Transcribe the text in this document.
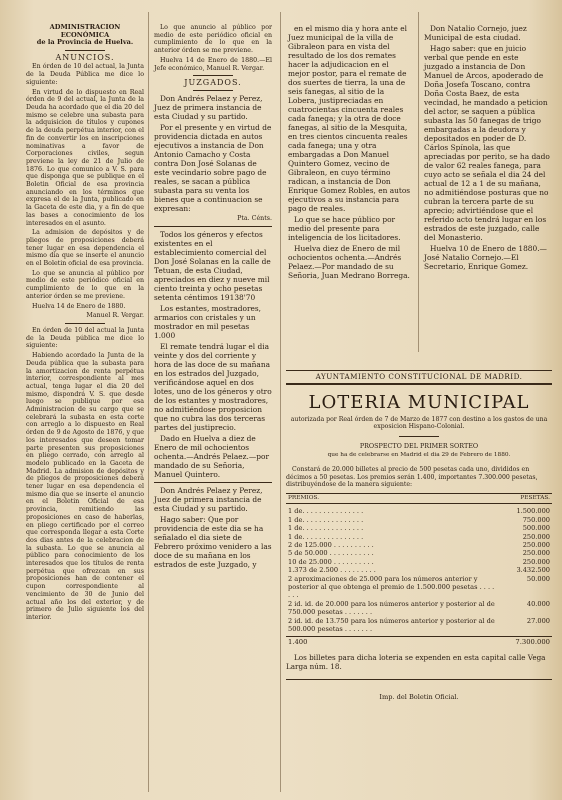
ADMINISTRACION ECONÓMICA
de la Provincia de Huelva.
ANUNCIOS.

En órden de 10 del actual, la Junta de la Deuda Pública me dice lo siguiente:

En virtud de lo dispuesto en Real órden de 9 del actual, la Junta de la Deuda ha acordado que el dia 20 del mismo se celebre una subasta para la adquisicion de títulos y cupones de la deuda perpétua interior, con el fin de convertir los en inscripciones nominativas a favor de Corporaciones civiles, segun previene la ley de 21 de Julio de 1876. Lo que comunico a V. S. para que disponga que se publique en el Boletin Oficial de esa provincia anunciando en los términos que expresa el de la Junta, publicado en la Gaceta de este dia, y a fin de que las bases a conocimiento de los interesados en el asunto.

La admision de depósitos y de pliegos de proposiciones deberá tener lugar en esa dependencia el mismo dia que se inserte el anuncio en el Boletin oficial de esa provincia.

Lo que se anuncia al público por medio de este periódico oficial en cumplimiento de lo que en la anterior órden se me previene.

Huelva 14 de Enero de 1880.

Manuel R. Vergar.

En órden de 10 del actual la Junta de la Deuda pública me dice lo siguiente:

Habiendo acordado la Junta de la Deuda pública que la subasta para la amortizacion de renta perpétua interior, correspondiente al mes actual, tenga lugar el dia 20 del mismo, dispondrá V. S. que desde luego se publique por esa Administracion de su cargo que se celebrará la subasta en esta corte con arreglo a lo dispuesto en Real órden de 9 de Agosto de 1876, y que los interesados que deseen tomar parte presenten sus proposiciones en pliego cerrado, con arreglo al modelo publicado en la Gaceta de Madrid. La admision de depósitos y de pliegos de proposiciones deberá tener lugar en esa dependencia el mismo dia que se inserte el anuncio en el Boletin Oficial de esa provincia, remitiendo las proposiciones en caso de haberlas, en pliego certificado por el correo que corresponda llegar a esta Corte dos dias antes de la celebracion de la subasta. Lo que se anuncia al público para conocimiento de los interesados que los títulos de renta perpétua que ofrezcan en sus proposiciones han de contener el cupon correspondiente al vencimiento de 30 de Junio del actual año los del exterior, y de primero de Julio siguiente los del interior.

Lo que anuncio al público por medio de este periódico oficial en cumplimiento de lo que en la anterior órden se me previene.

Huelva 14 de Enero de 1880.—El Jefe económico, Manuel R. Vergar.

JUZGADOS.

Don Andrés Pelaez y Perez, Juez de primera instancia de esta Ciudad y su partido.

Por el presente y en virtud de providencia dictada en autos ejecutivos a instancia de Don Antonio Camacho y Costa contra Don José Solanas de este vecindario sobre pago de reales, se sacan a pública subasta para su venta los bienes que a continuacion se expresan:

Pta. Cénts.

Todos los géneros y efectos existentes en el establecimiento comercial del Don José Solanas en la calle de Tetuan, de esta Ciudad, apreciados en diez y nueve mil ciento treinta y ocho pesetas setenta céntimos 19138'70

Los estantes, mostradores, armarios con cristales y un mostrador en mil pesetas 1.000

El remate tendrá lugar el dia veinte y dos del corriente y hora de las doce de su mañana en los estrados del Juzgado, verificándose aquel en dos lotes, uno de los géneros y otro de los estantes y mostradores, no admitiéndose proposicion que no cubra las dos terceras partes del justiprecio.

Dado en Huelva a diez de Enero de mil ochocientos ochenta.—Andrés Pelaez.—por mandado de su Señoria, Manuel Quintero.

Don Andrés Pelaez y Perez, Juez de primera instancia de esta Ciudad y su partido.

Hago saber: Que por providencia de este dia se ha señalado el dia siete de Febrero próximo venidero a las doce de su mañana en los estrados de este Juzgado, y

en el mismo dia y hora ante el Juez municipal de la villa de Gibraleon para en vista del resultado de los dos remates hacer la adjudicacion en el mejor postor, para el remate de dos suertes de tierra, la una de seis fanegas, al sitio de la Lobera, justipreciadas en cuatrocientas cincuenta reales cada fanega; y la otra de doce fanegas, al sitio de la Mesquita, en tres cientos cincuenta reales cada fanega; una y otra embargadas a Don Manuel Quintero Gomez, vecino de Gibraleon, en cuyo término radican, a instancia de Don Enrique Gomez Robles, en autos ejecutivos a su instancia para pago de reales.

Lo que se hace público por medio del presente para inteligencia de los licitadores.

Huelva diez de Enero de mil ochocientos ochenta.—Andrés Pelaez.—Por mandado de su Señoria, Juan Medrano Borrega.

Don Natalio Cornejo, juez Municipal de esta ciudad.

Hago saber: que en juicio verbal que pende en este juzgado a instancia de Don Manuel de Arcos, apoderado de Doña Josefa Toscano, contra Doña Costa Baez, de esta vecindad, he mandado a peticion del actor, se saquen a pública subasta las 50 fanegas de trigo embargadas a la deudora y depositados en poder de D. Cárlos Spínola, las que apreciadas por perito, se ha dado de valor 62 reales fanega, para cuyo acto se señala el dia 24 del actual de 12 a 1 de su mañana, no admitiéndose posturas que no cubran la tercera parte de su aprecio; advirtiéndose que el referido acto tendrá lugar en los estrados de este juzgado, calle del Monasterio.

Huelva 10 de Enero de 1880.—José Natalio Cornejo.—El Secretario, Enrique Gomez.

AYUNTAMIENTO CONSTITUCIONAL DE MADRID.
LOTERIA MUNICIPAL
autorizada por Real órden de 7 de Marzo de 1877 con destino a los gastos de una exposicion Hispano-Colonial.
PROSPECTO DEL PRIMER SORTEO
que ha de celebrarse en Madrid el dia 29 de Febrero de 1880.

Constará de 20.000 billetes al precio de 500 pesetas cada uno, divididos en décimos a 50 pesetas. Los premios serán 1.400, importantes 7.300.000 pesetas, distribuyéndose de la manera siguiente:

PREMIOS.	PESETAS.
1 de. . . . . . . . . . . . . . .	1.500.000
1 de. . . . . . . . . . . . . . .	750.000
1 de. . . . . . . . . . . . . . .	500.000
1 de. . . . . . . . . . . . . . .	250.000
2 de 125.000 . . . . . . . . . .	250.000
5 de 50.000 . . . . . . . . . . .	250.000
10 de 25.000 . . . . . . . . . .	250.000
1.373 de 2.500 . . . . . . . . .	3.432.500
2 aproximaciones de 25.000 para los números anterior y posterior al que obtenga el premio de 1.500.000 pesetas . . . . . . .
50.000
2 id. id. de 20.000 para los números anterior y posterior al de 750.000 pesetas . . . . . . .
40.000
2 id. id. de 13.750 para los números anterior y posterior al de 500.000 pesetas . . . . . . .
27.000
1.400	7.300.000

Los billetes para dicha loteria se expenden en esta capital calle Vega Larga núm. 18.

Imp. del Boletin Oficial.
